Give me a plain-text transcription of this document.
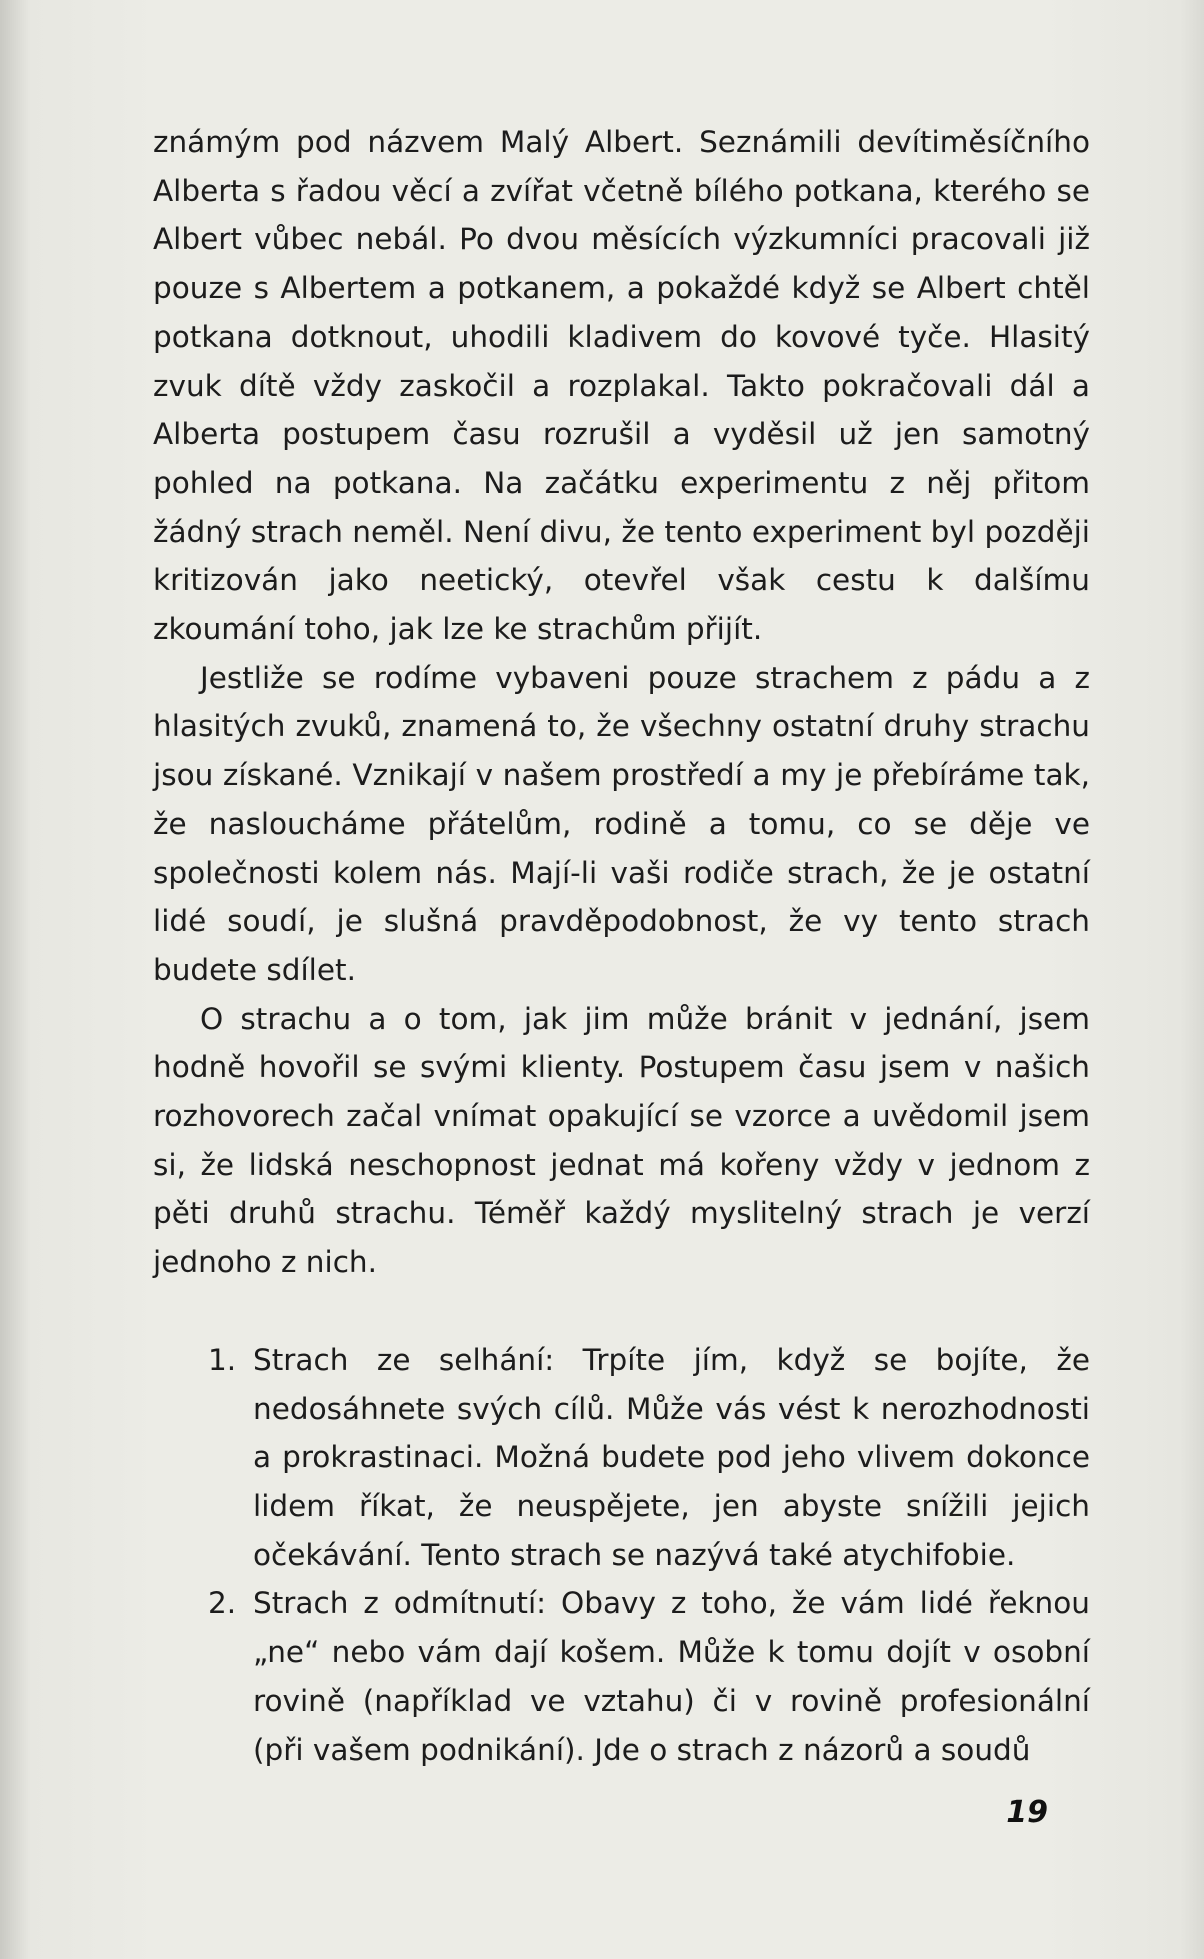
známým pod názvem Malý Albert. Seznámili devítiměsíčního Alberta s řadou věcí a zvířat včetně bílého potkana, kterého se Albert vůbec nebál. Po dvou měsících výzkumníci pracovali již pouze s Albertem a potkanem, a pokaždé když se Albert chtěl potkana dotknout, uhodili kladivem do kovové tyče. Hlasitý zvuk dítě vždy zaskočil a rozplakal. Takto pokračovali dál a Alberta postupem času rozrušil a vyděsil už jen samotný pohled na potkana. Na začátku experimentu z něj přitom žádný strach neměl. Není divu, že tento experiment byl později kritizován jako neetický, otevřel však cestu k dalšímu zkoumání toho, jak lze ke strachům přijít.

Jestliže se rodíme vybaveni pouze strachem z pádu a z hlasitých zvuků, znamená to, že všechny ostatní druhy strachu jsou získané. Vznikají v našem prostředí a my je přebíráme tak, že nasloucháme přátelům, rodině a tomu, co se děje ve společnosti kolem nás. Mají-li vaši rodiče strach, že je ostatní lidé soudí, je slušná pravděpodobnost, že vy tento strach budete sdílet.

O strachu a o tom, jak jim může bránit v jednání, jsem hodně hovořil se svými klienty. Postupem času jsem v našich rozhovorech začal vnímat opakující se vzorce a uvědomil jsem si, že lidská neschopnost jednat má kořeny vždy v jednom z pěti druhů strachu. Téměř každý myslitelný strach je verzí jednoho z nich.

1. Strach ze selhání: Trpíte jím, když se bojíte, že nedosáhnete svých cílů. Může vás vést k nerozhodnosti a prokrastinaci. Možná budete pod jeho vlivem dokonce lidem říkat, že neuspějete, jen abyste snížili jejich očekávání. Tento strach se nazývá také atychifobie.
2. Strach z odmítnutí: Obavy z toho, že vám lidé řeknou „ne“ nebo vám dají košem. Může k tomu dojít v osobní rovině (například ve vztahu) či v rovině profesionální (při vašem podnikání). Jde o strach z názorů a soudů
19
